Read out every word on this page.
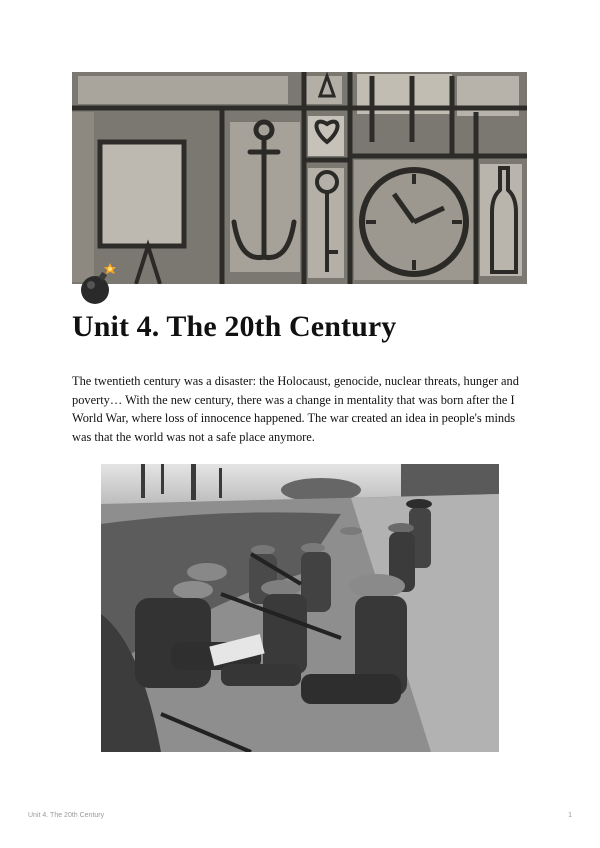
Unit 4. The 20th Century

The twentieth century was a disaster: the Holocaust, genocide, nuclear threats, hunger and poverty… With the new century, there was a change in mentality that was born after the I World War, where loss of innocence happened. The war created an idea in people's minds was that the world was not a safe place anymore.

Unit 4. The 20th Century	1
